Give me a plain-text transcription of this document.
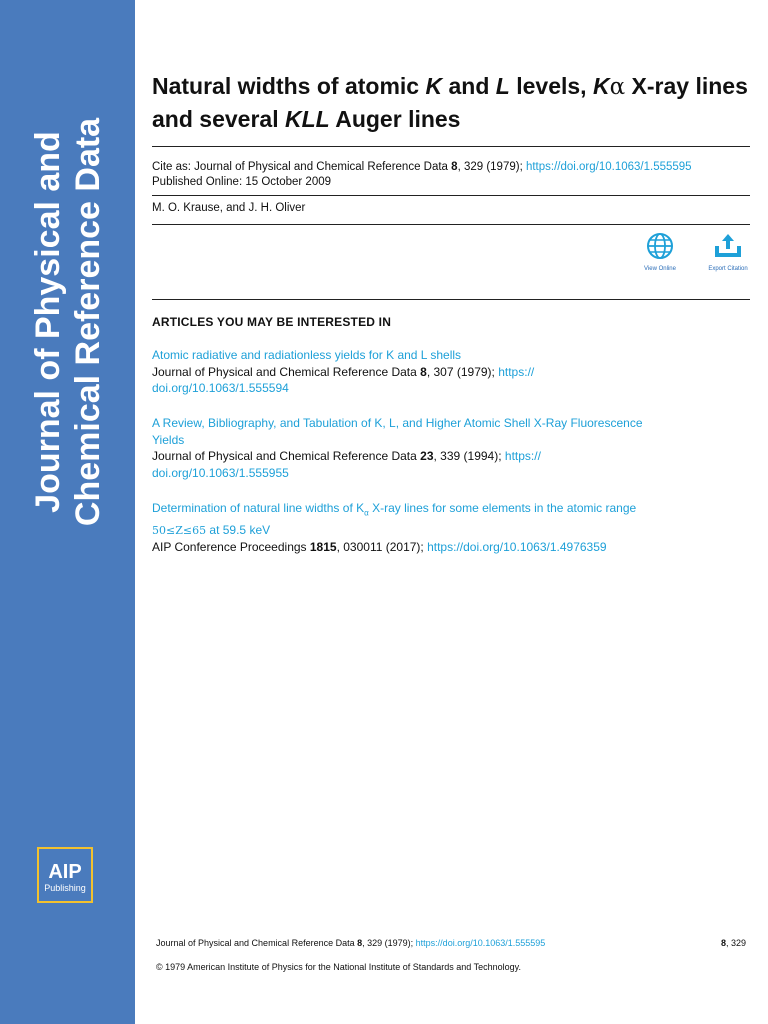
Journal of Physical and Chemical Reference Data
AIP
Publishing
Natural widths of atomic K and L levels, Kα X-ray lines and several KLL Auger lines
Cite as: Journal of Physical and Chemical Reference Data 8, 329 (1979); https://doi.org/10.1063/1.555595
Published Online: 15 October 2009
M. O. Krause, and J. H. Oliver
View Online	Export Citation
ARTICLES YOU MAY BE INTERESTED IN
Atomic radiative and radiationless yields for K and L shells
Journal of Physical and Chemical Reference Data 8, 307 (1979); https://
doi.org/10.1063/1.555594
A Review, Bibliography, and Tabulation of K, L, and Higher Atomic Shell X-Ray Fluorescence
Yields
Journal of Physical and Chemical Reference Data 23, 339 (1994); https://
doi.org/10.1063/1.555955
Determination of natural line widths of $K_\alpha$ X-ray lines for some elements in the atomic range
50≤Z≤65 at 59.5 keV
AIP Conference Proceedings 1815, 030011 (2017); https://doi.org/10.1063/1.4976359
Journal of Physical and Chemical Reference Data 8, 329 (1979); https://doi.org/10.1063/1.555595	8, 329
© 1979 American Institute of Physics for the National Institute of Standards and Technology.
